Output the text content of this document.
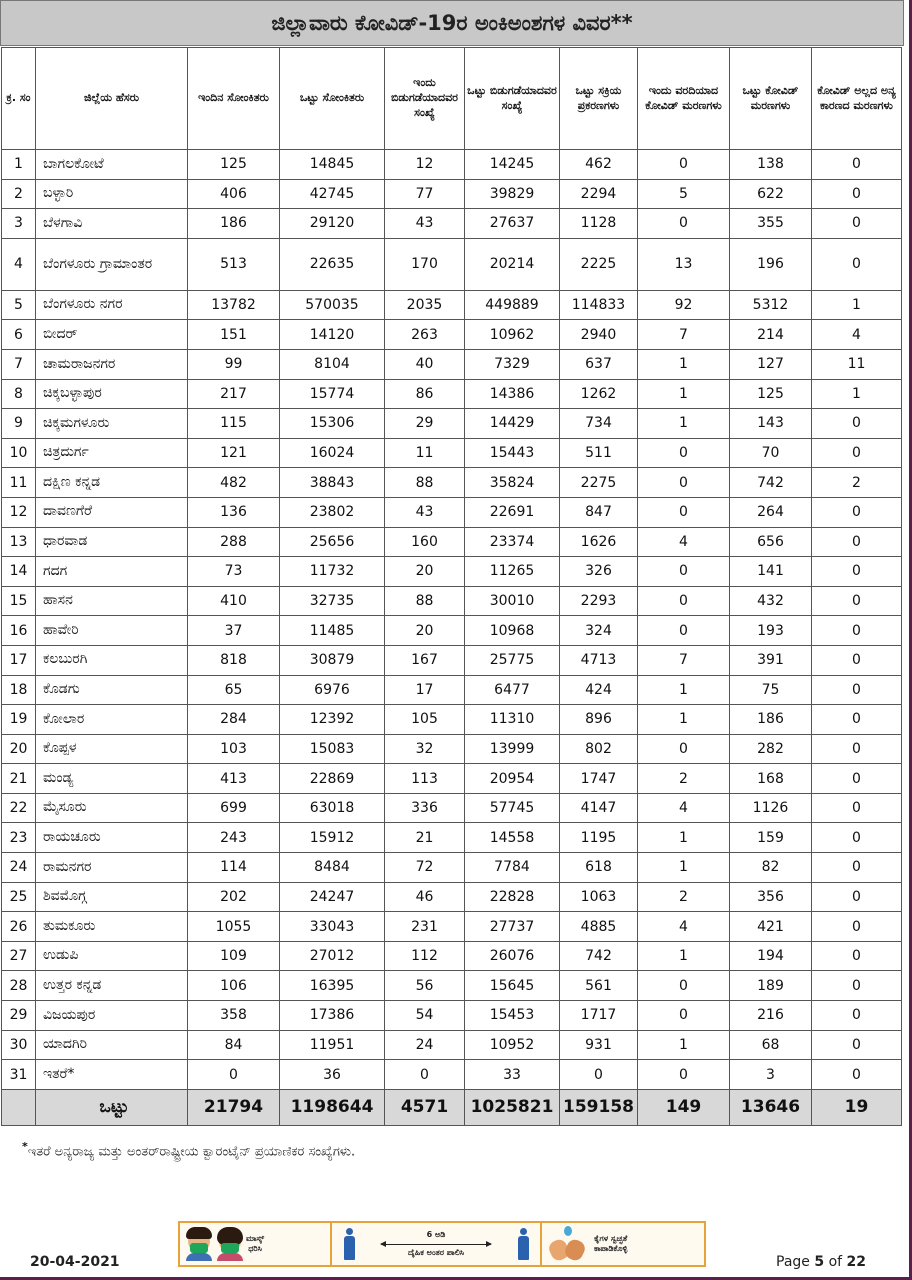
ಜಿಲ್ಲಾವಾರು ಕೋವಿಡ್-19ರ ಅಂಕಿಅಂಶಗಳ ವಿವರ**
ಕ್ರ. ಸಂ	ಜಿಲ್ಲೆಯ ಹೆಸರು	ಇಂದಿನ ಸೋಂಕಿತರು	ಒಟ್ಟು ಸೋಂಕಿತರು	ಇಂದು ಬಿಡುಗಡೆಯಾದವರ ಸಂಖ್ಯೆ	ಒಟ್ಟು ಬಿಡುಗಡೆಯಾದವರ ಸಂಖ್ಯೆ	ಒಟ್ಟು ಸಕ್ರಿಯ ಪ್ರಕರಣಗಳು	ಇಂದು ವರದಿಯಾದ ಕೋವಿಡ್ ಮರಣಗಳು	ಒಟ್ಟು ಕೋವಿಡ್ ಮರಣಗಳು	ಕೋವಿಡ್ ಅಲ್ಲದ ಅನ್ಯ ಕಾರಣದ ಮರಣಗಳು
1	ಬಾಗಲಕೋಟೆ	125	14845	12	14245	462	0	138	0
2	ಬಳ್ಳಾರಿ	406	42745	77	39829	2294	5	622	0
3	ಬೆಳಗಾವಿ	186	29120	43	27637	1128	0	355	0
4	ಬೆಂಗಳೂರು ಗ್ರಾಮಾಂತರ	513	22635	170	20214	2225	13	196	0
5	ಬೆಂಗಳೂರು ನಗರ	13782	570035	2035	449889	114833	92	5312	1
6	ಬೀದರ್	151	14120	263	10962	2940	7	214	4
7	ಚಾಮರಾಜನಗರ	99	8104	40	7329	637	1	127	11
8	ಚಿಕ್ಕಬಳ್ಳಾಪುರ	217	15774	86	14386	1262	1	125	1
9	ಚಿಕ್ಕಮಗಳೂರು	115	15306	29	14429	734	1	143	0
10	ಚಿತ್ರದುರ್ಗ	121	16024	11	15443	511	0	70	0
11	ದಕ್ಷಿಣ ಕನ್ನಡ	482	38843	88	35824	2275	0	742	2
12	ದಾವಣಗೆರೆ	136	23802	43	22691	847	0	264	0
13	ಧಾರವಾಡ	288	25656	160	23374	1626	4	656	0
14	ಗದಗ	73	11732	20	11265	326	0	141	0
15	ಹಾಸನ	410	32735	88	30010	2293	0	432	0
16	ಹಾವೇರಿ	37	11485	20	10968	324	0	193	0
17	ಕಲಬುರಗಿ	818	30879	167	25775	4713	7	391	0
18	ಕೊಡಗು	65	6976	17	6477	424	1	75	0
19	ಕೋಲಾರ	284	12392	105	11310	896	1	186	0
20	ಕೊಪ್ಪಳ	103	15083	32	13999	802	0	282	0
21	ಮಂಡ್ಯ	413	22869	113	20954	1747	2	168	0
22	ಮೈಸೂರು	699	63018	336	57745	4147	4	1126	0
23	ರಾಯಚೂರು	243	15912	21	14558	1195	1	159	0
24	ರಾಮನಗರ	114	8484	72	7784	618	1	82	0
25	ಶಿವಮೊಗ್ಗ	202	24247	46	22828	1063	2	356	0
26	ತುಮಕೂರು	1055	33043	231	27737	4885	4	421	0
27	ಉಡುಪಿ	109	27012	112	26076	742	1	194	0
28	ಉತ್ತರ ಕನ್ನಡ	106	16395	56	15645	561	0	189	0
29	ವಿಜಯಪುರ	358	17386	54	15453	1717	0	216	0
30	ಯಾದಗಿರಿ	84	11951	24	10952	931	1	68	0
31	ಇತರೆ*	0	36	0	33	0	0	3	0
	ಒಟ್ಟು	21794	1198644	4571	1025821	159158	149	13646	19
*ಇತರೆ ಅನ್ಯರಾಜ್ಯ ಮತ್ತು ಅಂತರ್‌ರಾಷ್ಟ್ರೀಯ ಕ್ವಾರಂಟೈನ್ ಪ್ರಯಾಣಿಕರ ಸಂಖ್ಯೆಗಳು.
ಮಾಸ್ಕ್
ಧರಿಸಿ
6 ಅಡಿ
ದೈಹಿಕ ಅಂತರ ಪಾಲಿಸಿ
ಕೈಗಳ ಸ್ವಚ್ಛತೆ
ಕಾಪಾಡಿಕೊಳ್ಳಿ
20-04-2021	Page 5 of 22
